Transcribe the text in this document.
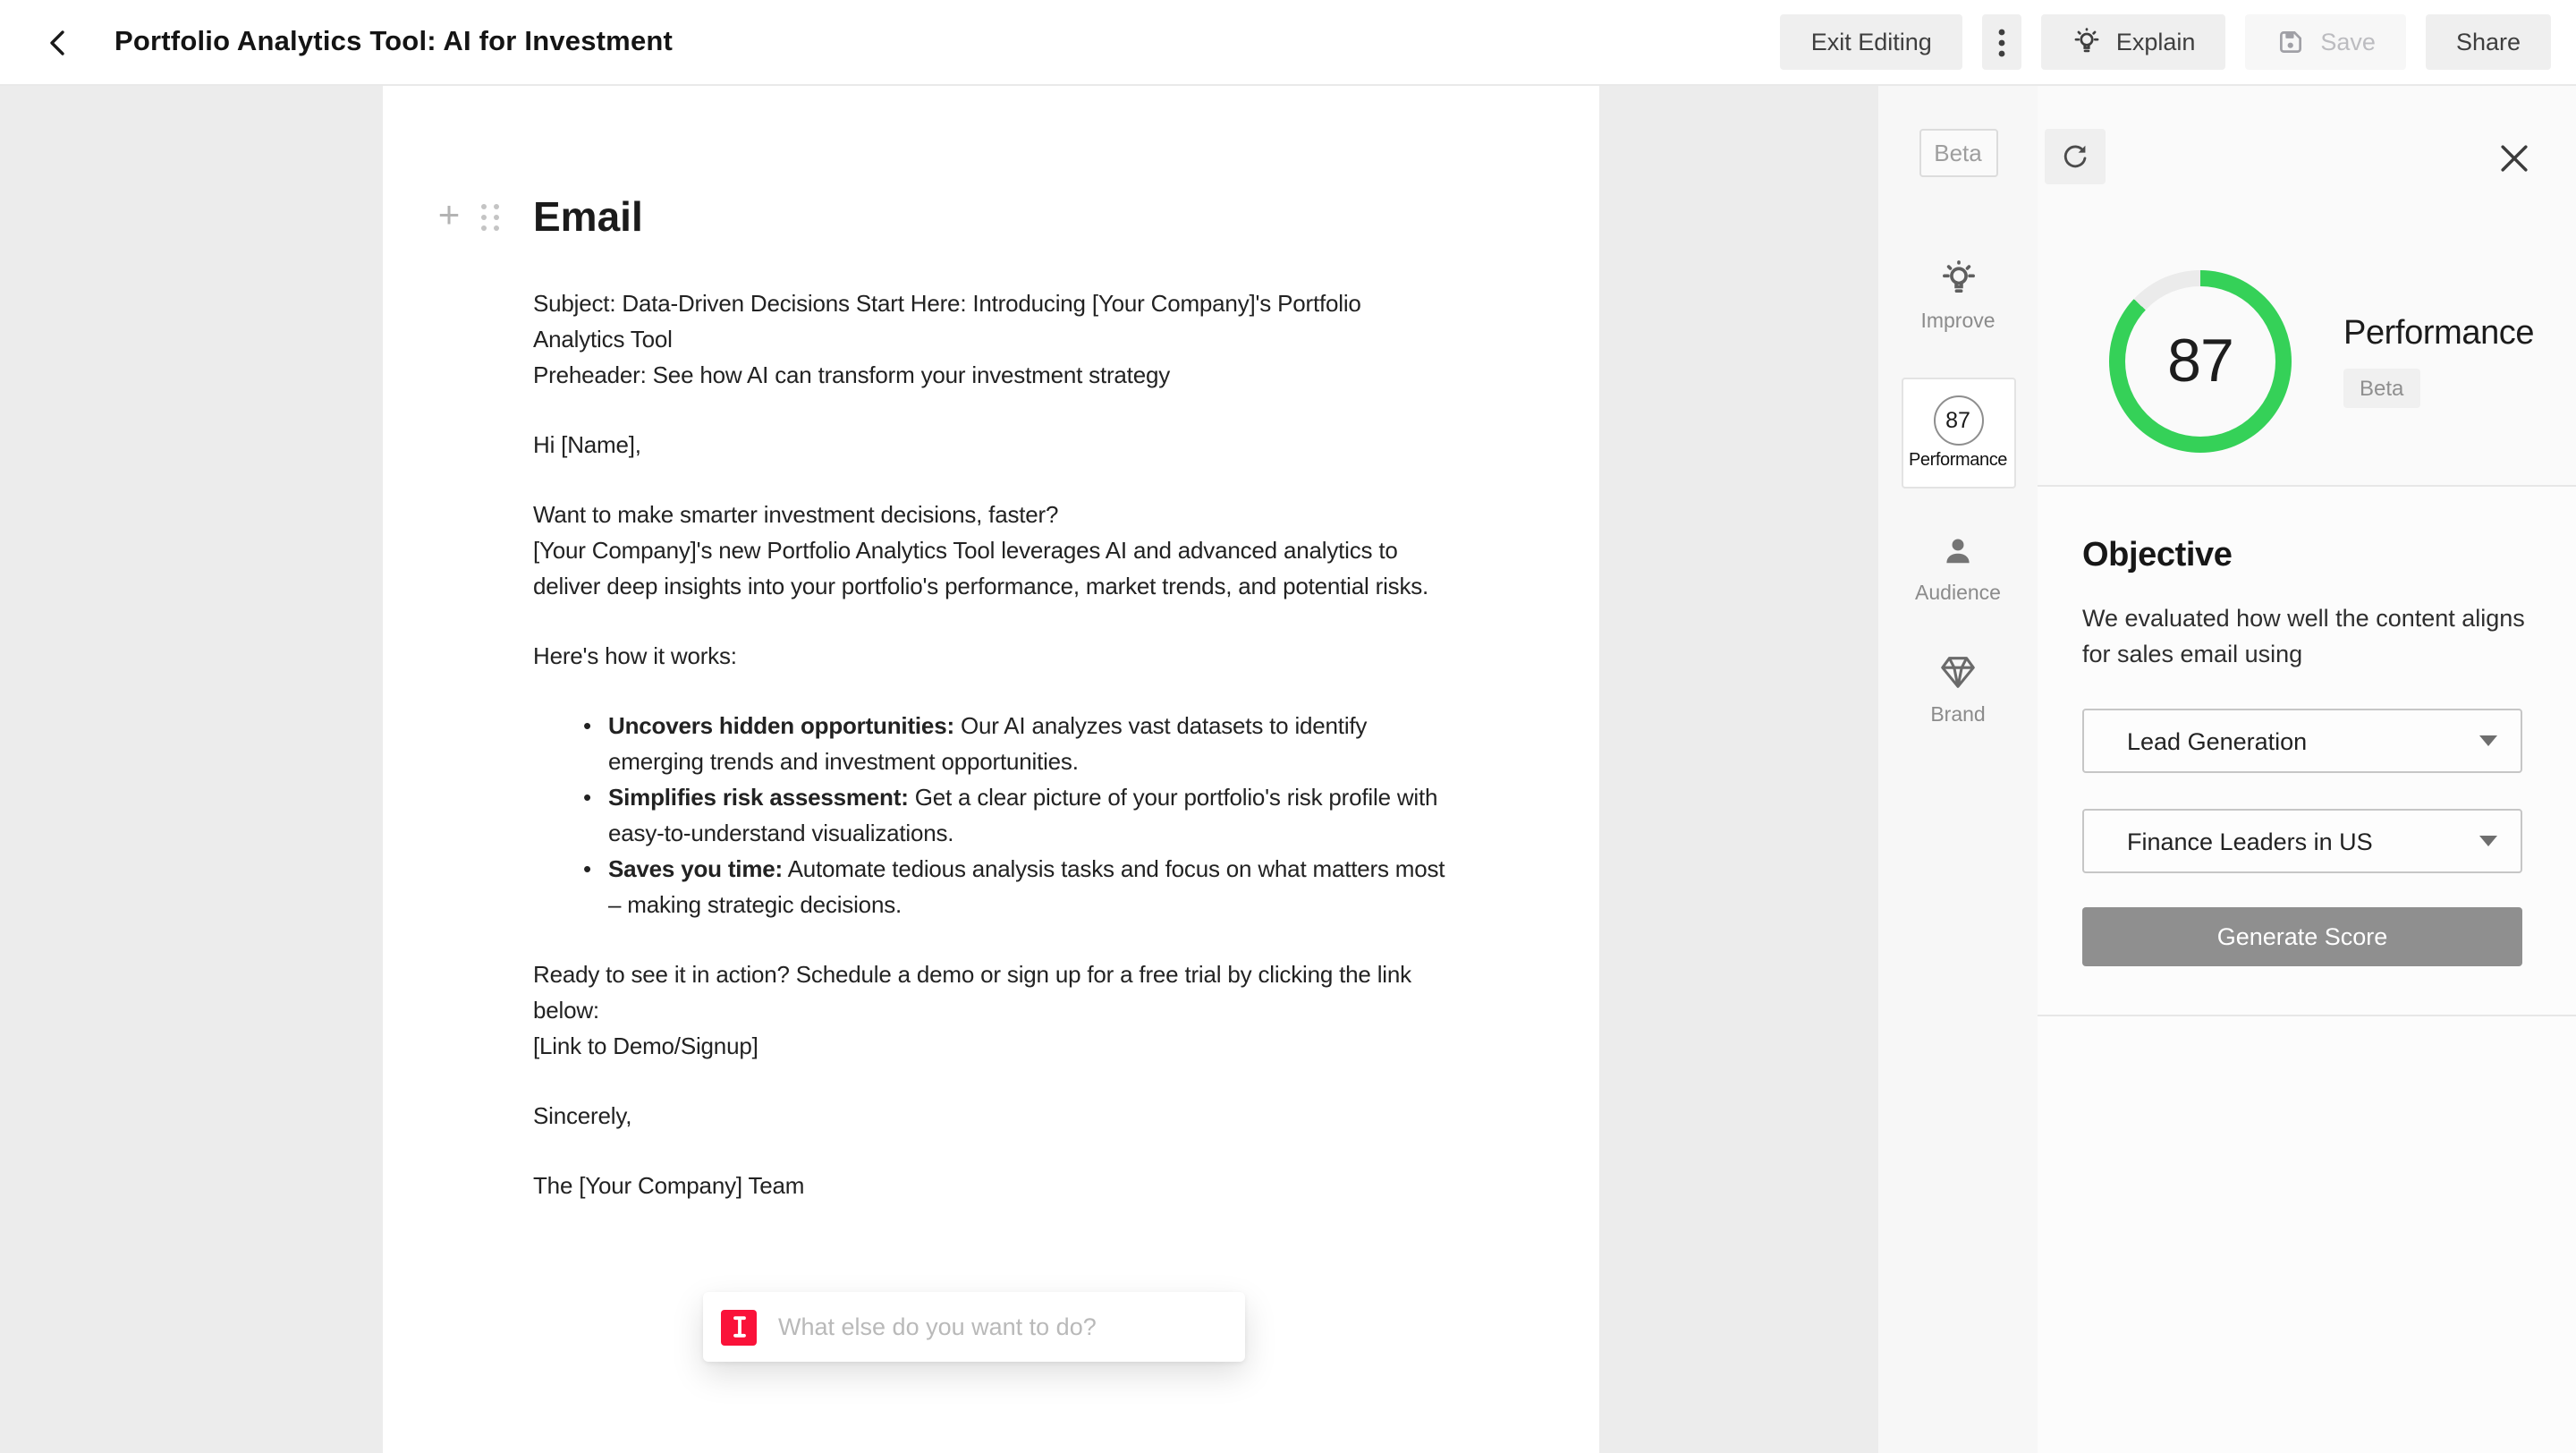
Portfolio Analytics Tool: AI for Investment	Exit Editing	Explain	Save	Share
+	Email
Subject: Data-Driven Decisions Start Here: Introducing [Your Company]'s Portfolio Analytics Tool
Preheader: See how AI can transform your investment strategy
Hi [Name],
Want to make smarter investment decisions, faster?
[Your Company]'s new Portfolio Analytics Tool leverages AI and advanced analytics to deliver deep insights into your portfolio's performance, market trends, and potential risks.
Here's how it works:
• Uncovers hidden opportunities: Our AI analyzes vast datasets to identify emerging trends and investment opportunities.
• Simplifies risk assessment: Get a clear picture of your portfolio's risk profile with easy-to-understand visualizations.
• Saves you time: Automate tedious analysis tasks and focus on what matters most – making strategic decisions.
Ready to see it in action? Schedule a demo or sign up for a free trial by clicking the link below:
[Link to Demo/Signup]
Sincerely,
The [Your Company] Team
What else do you want to do?
Beta
Improve
87
Performance
Audience
Brand
87	Performance
Beta
Objective

We evaluated how well the content aligns for sales email using

Lead Generation
Finance Leaders in US
Generate Score
